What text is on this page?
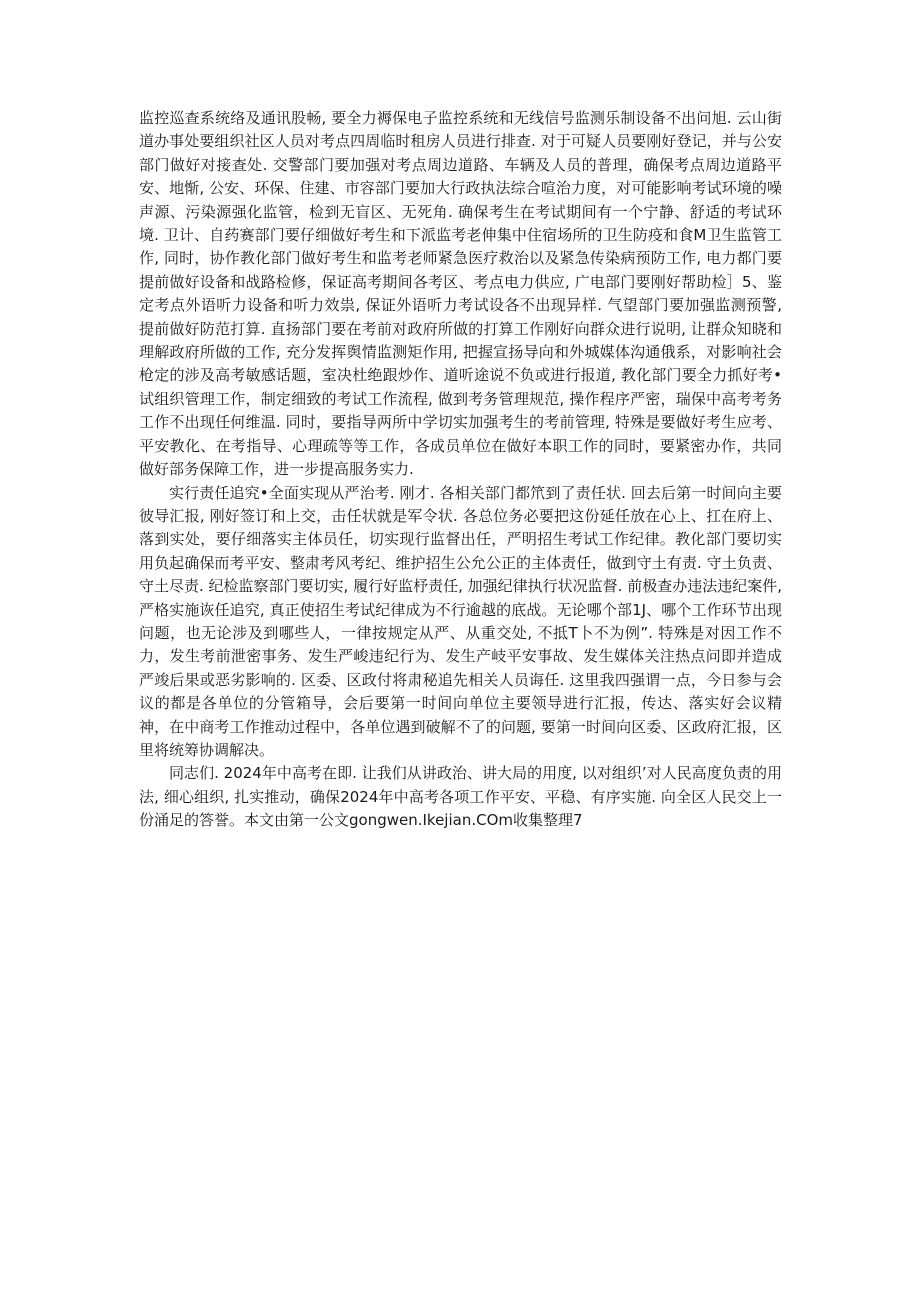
监控巡查系统络及通讯股畅, 要全力褥保电子监控系统和无线信号监测乐制设备不出问旭. 云山街道办事处要组织社区人员对考点四周临时租房人员进行排查. 对于可疑人员要刚好登记，并与公安部门做好对接查处. 交警部门要加强对考点周边道路、车辆及人员的普理，确保考点周边道路平安、地惭, 公安、环保、住建、市容部门要加大行政执法综合喧治力度，对可能影响考试环境的噪声源、污染源强化监管，检到无盲区、无死角. 确保考生在考试期间有一个宁静、舒适的考试环境. 卫计、自药赛部门要仔细做好考生和下派监考老伸集中住宿场所的卫生防疫和食M卫生监管工作, 同时，协作教化部门做好考生和监考老师紧急医疗救治以及紧急传染病预防工作, 电力都门要提前做好设备和战路检修，保证高考期间各考区、考点电力供应, 广电部门要刚好帮助检］5、鉴定考点外语听力设备和听力效祟, 保证外语听力考试设各不出现异样. 气望部门要加强监测预警, 提前做好防范打算. 直扬部门要在考前对政府所做的打算工作刚好向群众进行说明, 让群众知晓和理解政府所做的工作, 充分发挥舆情监测矩作用, 把握宣扬导向和外城媒体沟通俄系，对影响社会枪定的涉及高考敏感话题，室决杜绝跟炒作、道听途说不负或进行报道, 教化部门要全力抓好考•试组织管理工作，制定细致的考试工作流程, 做到考务管理规范, 操作程序严密，瑞保中高考考务工作不出现任何维温. 同时，要指导两所中学切实加强考生的考前管理, 特殊是要做好考生应考、平安教化、在考指导、心理疏等等工作，各成员单位在做好本职工作的同时，要紧密办作，共同做好部务保障工作，进一步提高服务实力.

实行责任追究•全面实现从严治考. 刚才. 各相关部门都笊到了责任状. 回去后第一时间向主要彼导汇报, 刚好签订和上交，击任状就是军令状. 各总位务必要把这份延任放在心上、扛在府上、落到实处，要仔细落实主体员任，切实现行监督出任，严明招生考试工作纪律。教化部门要切实用负起确保而考平安、整肃考风考纪、维护招生公允公正的主体责任，做到守土有责. 守土负责、守土尽责. 纪检监察部门要切实, 履行好监杼责任, 加强纪律执行状况监督. 前极查办违法违纪案件, 严格实施诙任追究, 真正使招生考试纪律成为不行逾越的底战。无论哪个部1J、哪个工作环节出现问题，也无论涉及到哪些人，一律按规定从严、从重交处, 不抵T卜不为例”. 特殊是对因工作不力，发生考前泄密事务、发生严峻违纪行为、发生产岐平安事故、发生媒体关注热点问即并造成严竣后果或恶劣影响的. 区委、区政付将肃秘追先相关人员诲任. 这里我四强谓一点，今日参与会议的都是各单位的分管箱导，会后要第一时间向单位主要领导进行汇报，传达、落实好会议精神，在中商考工作推动过程中，各单位遇到破解不了的问题, 要第一时间向区委、区政府汇报，区里将统筹协调解决。

同志们. 2024年中高考在即. 让我们从讲政治、讲大局的用度, 以对组织’对人民高度负责的用法, 细心组织, 扎实推动，确保2024年中高考各项工作平安、平稳、有序实施. 向全区人民交上一份涌足的答誉。本文由第一公文gongwen.Ikejian.COm收集整理7
